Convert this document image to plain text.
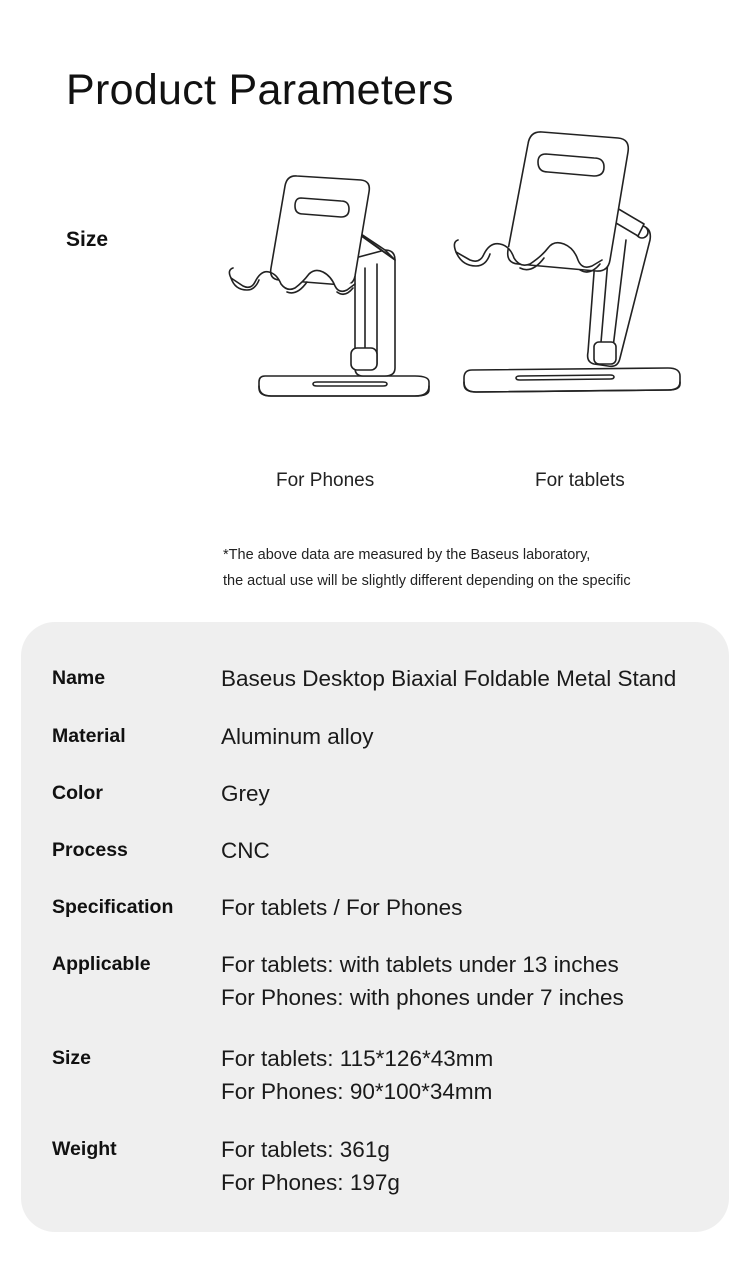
Product Parameters
Size
For Phones	For tablets
*The above data are measured by the Baseus laboratory,
the actual use will be slightly different depending on the specific
Name	Baseus Desktop Biaxial Foldable Metal Stand
Material	Aluminum alloy
Color	Grey
Process	CNC
Specification For tablets / For Phones
Applicable	For tablets: with tablets under 13 inches
For Phones: with phones under 7 inches
Size	For tablets: 115*126*43mm
For Phones: 90*100*34mm
Weight	For tablets: 361g
For Phones: 197g
